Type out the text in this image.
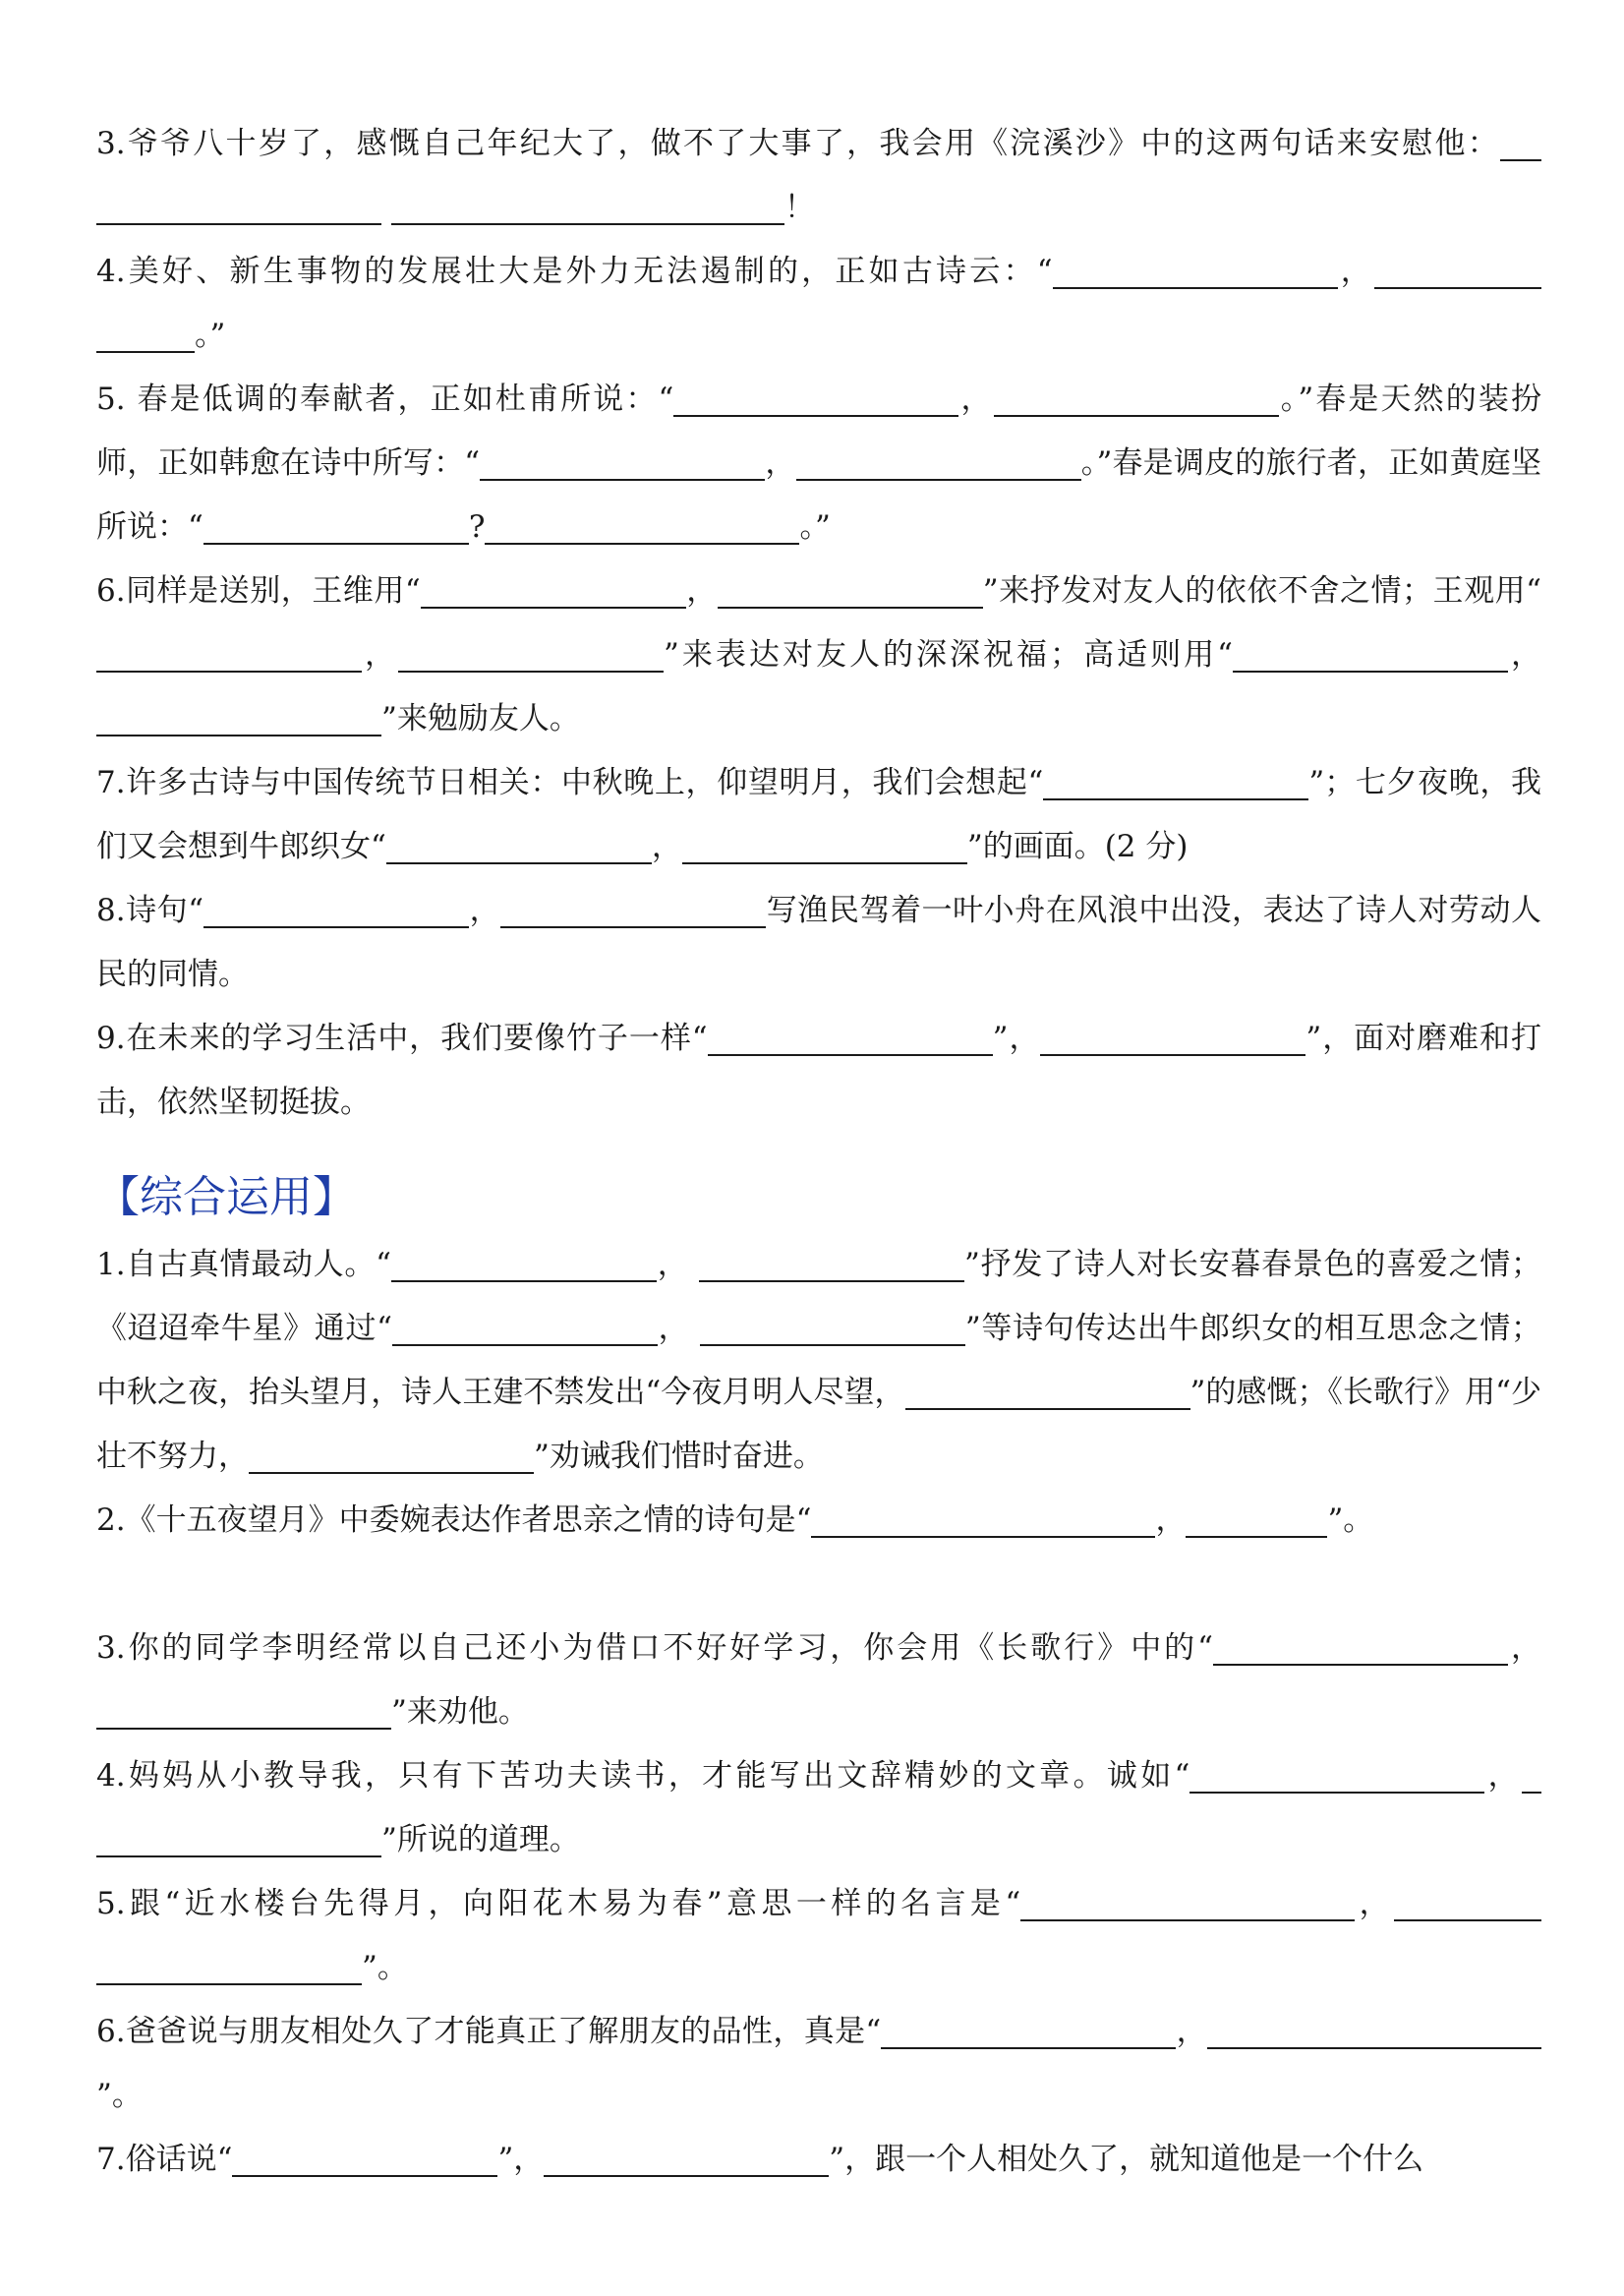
3.爷爷八十岁了，感慨自己年纪大了，做不了大事了，我会用《浣溪沙》中的这两句话来安慰他： ！
4.美好、新生事物的发展壮大是外力无法遏制的，正如古诗云：“	，。”
5. 春是低调的奉献者，正如杜甫所说：“	，	。”春是天然的装扮师，正如韩愈在诗中所写：“	，	。”春是调皮的旅行者，正如黄庭坚所说：“	?	。”
6.同样是送别，王维用“	，	”来抒发对友人的依依不舍之情；王观用“，	”来表达对友人的深深祝福；高适则用“	，”来勉励友人。
7.许多古诗与中国传统节日相关：中秋晚上，仰望明月，我们会想起“	”；七夕夜晚，我们又会想到牛郎织女“	，	”的画面。(2 分)
8.诗句“	，	写渔民驾着一叶小舟在风浪中出没，表达了诗人对劳动人民的同情。
9.在未来的学习生活中，我们要像竹子一样“	”，	”，面对磨难和打击，依然坚韧挺拔。
【综合运用】
1.自古真情最动人。“	，	”抒发了诗人对长安暮春景色的喜爱之情；《迢迢牵牛星》通过“	，	”等诗句传达出牛郎织女的相互思念之情；中秋之夜，抬头望月，诗人王建不禁发出“今夜月明人尽望，	”的感慨；《长歌行》用“少壮不努力，	”劝诫我们惜时奋进。
2.《十五夜望月》中委婉表达作者思亲之情的诗句是“	，	”。
3.你的同学李明经常以自己还小为借口不好好学习，你会用《长歌行》中的“	，”来劝他。
4.妈妈从小教导我，只有下苦功夫读书，才能写出文辞精妙的文章。诚如“	，”所说的道理。
5.跟“近水楼台先得月，向阳花木易为春”意思一样的名言是“	，”。
6.爸爸说与朋友相处久了才能真正了解朋友的品性，真是“	，”。
7.俗话说“	”，	”，跟一个人相处久了，就知道他是一个什么
